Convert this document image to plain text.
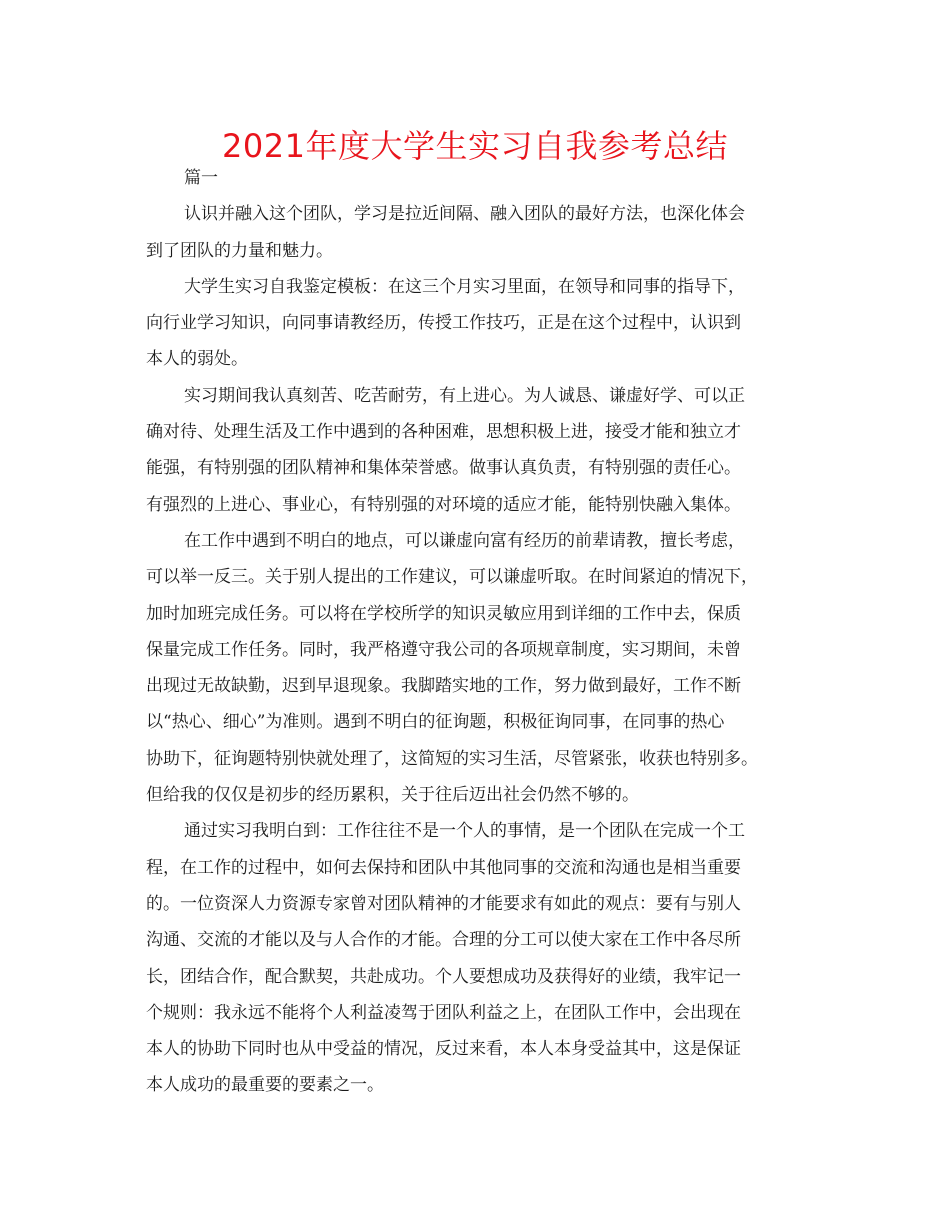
2021年度大学生实习自我参考总结

篇一

认识并融入这个团队，学习是拉近间隔、融入团队的最好方法，也深化体会
到了团队的力量和魅力。

大学生实习自我鉴定模板：在这三个月实习里面，在领导和同事的指导下，
向行业学习知识，向同事请教经历，传授工作技巧，正是在这个过程中，认识到
本人的弱处。

实习期间我认真刻苦、吃苦耐劳，有上进心。为人诚恳、谦虚好学、可以正
确对待、处理生活及工作中遇到的各种困难，思想积极上进，接受才能和独立才
能强，有特别强的团队精神和集体荣誉感。做事认真负责，有特别强的责任心。
有强烈的上进心、事业心，有特别强的对环境的适应才能，能特别快融入集体。

在工作中遇到不明白的地点，可以谦虚向富有经历的前辈请教，擅长考虑，
可以举一反三。关于别人提出的工作建议，可以谦虚听取。在时间紧迫的情况下，
加时加班完成任务。可以将在学校所学的知识灵敏应用到详细的工作中去，保质
保量完成工作任务。同时，我严格遵守我公司的各项规章制度，实习期间，未曾
出现过无故缺勤，迟到早退现象。我脚踏实地的工作，努力做到最好，工作不断
以“热心、细心”为准则。遇到不明白的征询题，积极征询同事，在同事的热心
协助下，征询题特别快就处理了，这简短的实习生活，尽管紧张，收获也特别多。
但给我的仅仅是初步的经历累积，关于往后迈出社会仍然不够的。

通过实习我明白到：工作往往不是一个人的事情，是一个团队在完成一个工
程，在工作的过程中，如何去保持和团队中其他同事的交流和沟通也是相当重要
的。一位资深人力资源专家曾对团队精神的才能要求有如此的观点：要有与别人
沟通、交流的才能以及与人合作的才能。合理的分工可以使大家在工作中各尽所
长，团结合作，配合默契，共赴成功。个人要想成功及获得好的业绩，我牢记一
个规则：我永远不能将个人利益凌驾于团队利益之上，在团队工作中，会出现在
本人的协助下同时也从中受益的情况，反过来看，本人本身受益其中，这是保证
本人成功的最重要的要素之一。
